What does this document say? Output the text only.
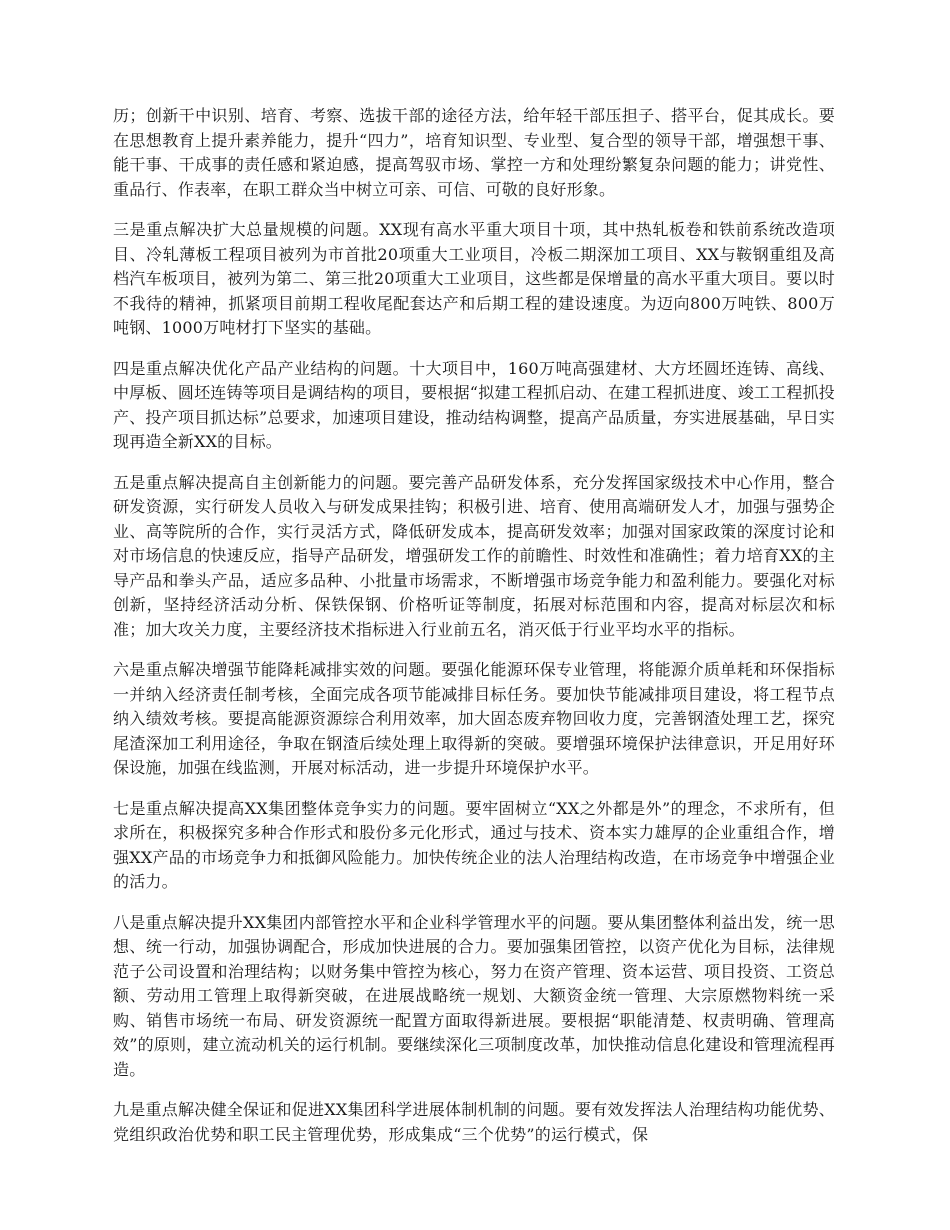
历；创新干中识别、培育、考察、选拔干部的途径方法，给年轻干部压担子、搭平台，促其成长。要在思想教育上提升素养能力，提升“四力”，培育知识型、专业型、复合型的领导干部，增强想干事、能干事、干成事的责任感和紧迫感，提高驾驭市场、掌控一方和处理纷繁复杂问题的能力；讲党性、重品行、作表率，在职工群众当中树立可亲、可信、可敬的良好形象。

三是重点解决扩大总量规模的问题。XX现有高水平重大项目十项，其中热轧板卷和铁前系统改造项目、冷轧薄板工程项目被列为市首批20项重大工业项目，冷板二期深加工项目、XX与鞍钢重组及高档汽车板项目，被列为第二、第三批20项重大工业项目，这些都是保增量的高水平重大项目。要以时不我待的精神，抓紧项目前期工程收尾配套达产和后期工程的建设速度。为迈向800万吨铁、800万吨钢、1000万吨材打下坚实的基础。

四是重点解决优化产品产业结构的问题。十大项目中，160万吨高强建材、大方坯圆坯连铸、高线、中厚板、圆坯连铸等项目是调结构的项目，要根据“拟建工程抓启动、在建工程抓进度、竣工工程抓投产、投产项目抓达标”总要求，加速项目建设，推动结构调整，提高产品质量，夯实进展基础，早日实现再造全新XX的目标。

五是重点解决提高自主创新能力的问题。要完善产品研发体系，充分发挥国家级技术中心作用，整合研发资源，实行研发人员收入与研发成果挂钩；积极引进、培育、使用高端研发人才，加强与强势企业、高等院所的合作，实行灵活方式，降低研发成本，提高研发效率；加强对国家政策的深度讨论和对市场信息的快速反应，指导产品研发，增强研发工作的前瞻性、时效性和准确性；着力培育XX的主导产品和拳头产品，适应多品种、小批量市场需求，不断增强市场竞争能力和盈利能力。要强化对标创新，坚持经济活动分析、保铁保钢、价格听证等制度，拓展对标范围和内容，提高对标层次和标准；加大攻关力度，主要经济技术指标进入行业前五名，消灭低于行业平均水平的指标。

六是重点解决增强节能降耗减排实效的问题。要强化能源环保专业管理，将能源介质单耗和环保指标一并纳入经济责任制考核，全面完成各项节能减排目标任务。要加快节能减排项目建设，将工程节点纳入绩效考核。要提高能源资源综合利用效率，加大固态废弃物回收力度，完善钢渣处理工艺，探究尾渣深加工利用途径，争取在钢渣后续处理上取得新的突破。要增强环境保护法律意识，开足用好环保设施，加强在线监测，开展对标活动，进一步提升环境保护水平。

七是重点解决提高XX集团整体竞争实力的问题。要牢固树立“XX之外都是外”的理念，不求所有，但求所在，积极探究多种合作形式和股份多元化形式，通过与技术、资本实力雄厚的企业重组合作，增强XX产品的市场竞争力和抵御风险能力。加快传统企业的法人治理结构改造，在市场竞争中增强企业的活力。

八是重点解决提升XX集团内部管控水平和企业科学管理水平的问题。要从集团整体利益出发，统一思想、统一行动，加强协调配合，形成加快进展的合力。要加强集团管控，以资产优化为目标，法律规范子公司设置和治理结构；以财务集中管控为核心，努力在资产管理、资本运营、项目投资、工资总额、劳动用工管理上取得新突破，在进展战略统一规划、大额资金统一管理、大宗原燃物料统一采购、销售市场统一布局、研发资源统一配置方面取得新进展。要根据“职能清楚、权责明确、管理高效”的原则，建立流动机关的运行机制。要继续深化三项制度改革，加快推动信息化建设和管理流程再造。

九是重点解决健全保证和促进XX集团科学进展体制机制的问题。要有效发挥法人治理结构功能优势、党组织政治优势和职工民主管理优势，形成集成“三个优势”的运行模式，保
